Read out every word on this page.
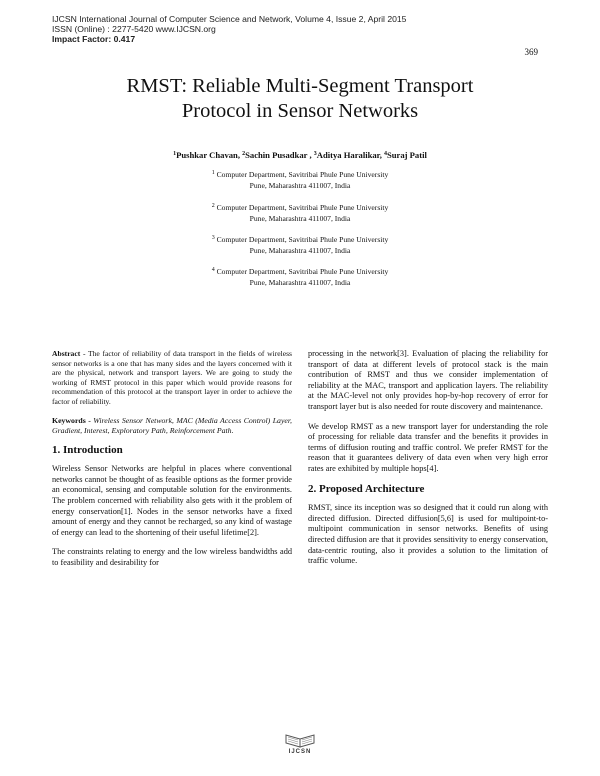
IJCSN International Journal of Computer Science and Network, Volume 4, Issue 2, April 2015
ISSN (Online) : 2277-5420 www.IJCSN.org
Impact Factor: 0.417
369
RMST: Reliable Multi-Segment Transport
Protocol in Sensor Networks
$^1$Pushkar Chavan, $^2$Sachin Pusadkar , $^3$Aditya Haralikar, $^4$Suraj Patil
$^1$ Computer Department, Savitribai Phule Pune University
Pune, Maharashtra 411007, India
$^2$ Computer Department, Savitribai Phule Pune University
Pune, Maharashtra 411007, India
$^3$ Computer Department, Savitribai Phule Pune University
Pune, Maharashtra 411007, India
$^4$ Computer Department, Savitribai Phule Pune University
Pune, Maharashtra 411007, India

Abstract - The factor of reliability of data transport in the fields of wireless sensor networks is a one that has many sides and the layers concerned with it are the physical, network and transport layers. We are going to study the working of RMST protocol in this paper which would provide reasons for recommendation of this protocol at the transport layer in order to achieve the factor of reliability.

Keywords - Wireless Sensor Network, MAC (Media Access Control) Layer, Gradient, Interest, Exploratory Path, Reinforcement Path.

1. Introduction

Wireless Sensor Networks are helpful in places where conventional networks cannot be thought of as feasible options as the former provide an economical, sensing and computable solution for the environments. The problem concerned with reliability also gets with it the problem of energy conservation[1]. Nodes in the sensor networks have a fixed amount of energy and they cannot be recharged, so any kind of wastage of energy can lead to the shortening of their useful lifetime[2].

The constraints relating to energy and the low wireless bandwidths add to feasibility and desirability for

processing in the network[3]. Evaluation of placing the reliability for transport of data at different levels of protocol stack is the main contribution of RMST and thus we consider implementation of reliability at the MAC, transport and application layers. The reliability at the MAC-level not only provides hop-by-hop recovery of error for transport layer but is also needed for route discovery and maintenance.

We develop RMST as a new transport layer for understanding the role of processing for reliable data transfer and the benefits it provides in terms of diffusion routing and traffic control. We prefer RMST for the reason that it guarantees delivery of data even when very high error rates are exhibited by multiple hops[4].

2. Proposed Architecture

RMST, since its inception was so designed that it could run along with directed diffusion. Directed diffusion[5,6] is used for multipoint-to-multipoint communication in sensor networks. Benefits of using directed diffusion are that it provides sensitivity to energy conservation, data-centric routing, also it provides a solution to the limitation of traffic volume.

IJCSN
